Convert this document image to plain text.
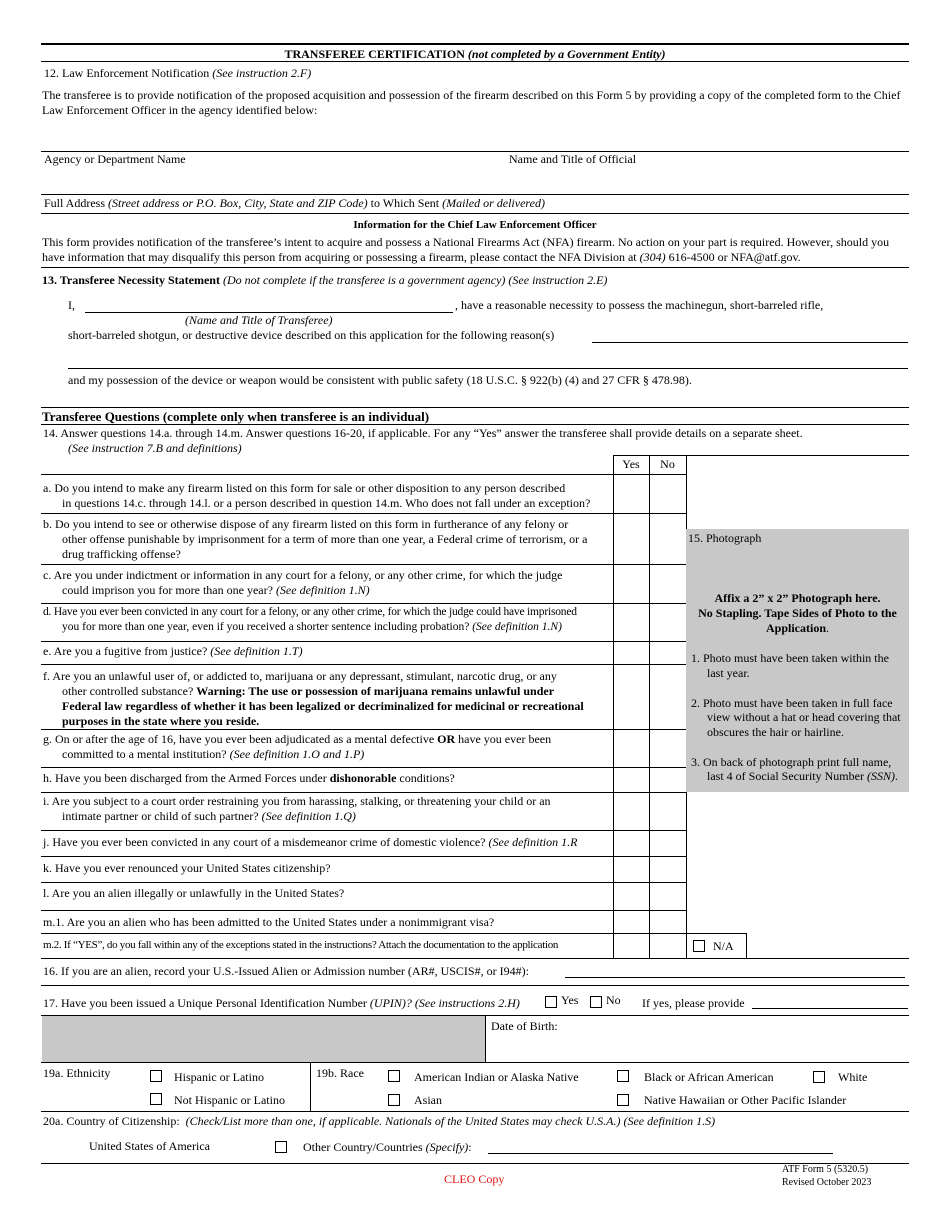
TRANSFEREE CERTIFICATION (not completed by a Government Entity)
12. Law Enforcement Notification (See instruction 2.F)
The transferee is to provide notification of the proposed acquisition and possession of the firearm described on this Form 5 by providing a copy of the completed form to the Chief Law Enforcement Officer in the agency identified below:
Agency or Department Name	Name and Title of Official
Full Address (Street address or P.O. Box, City, State and ZIP Code) to Which Sent (Mailed or delivered)
Information for the Chief Law Enforcement Officer
This form provides notification of the transferee’s intent to acquire and possess a National Firearms Act (NFA) firearm. No action on your part is required. However, should you have information that may disqualify this person from acquiring or possessing a firearm, please contact the NFA Division at (304) 616-4500 or NFA@atf.gov.
13. Transferee Necessity Statement (Do not complete if the transferee is a government agency) (See instruction 2.E)
I,	, have a reasonable necessity to possess the machinegun, short-barreled rifle,
(Name and Title of Transferee)
short-barreled shotgun, or destructive device described on this application for the following reason(s)
and my possession of the device or weapon would be consistent with public safety (18 U.S.C. § 922(b) (4) and 27 CFR § 478.98).
Transferee Questions (complete only when transferee is an individual)
14. Answer questions 14.a. through 14.m. Answer questions 16-20, if applicable. For any “Yes” answer the transferee shall provide details on a separate sheet.
(See instruction 7.B and definitions)
Yes	No
a. Do you intend to make any firearm listed on this form for sale or other disposition to any person described
in questions 14.c. through 14.l. or a person described in question 14.m. Who does not fall under an exception?
b. Do you intend to see or otherwise dispose of any firearm listed on this form in furtherance of any felony or
other offense punishable by imprisonment for a term of more than one year, a Federal crime of terrorism, or a
drug trafficking offense?
c. Are you under indictment or information in any court for a felony, or any other crime, for which the judge
could imprison you for more than one year? (See definition 1.N)
d. Have you ever been convicted in any court for a felony, or any other crime, for which the judge could have imprisoned
you for more than one year, even if you received a shorter sentence including probation? (See definition 1.N)
e. Are you a fugitive from justice? (See definition 1.T)
f. Are you an unlawful user of, or addicted to, marijuana or any depressant, stimulant, narcotic drug, or any
other controlled substance? Warning: The use or possession of marijuana remains unlawful under
Federal law regardless of whether it has been legalized or decriminalized for medicinal or recreational
purposes in the state where you reside.
g. On or after the age of 16, have you ever been adjudicated as a mental defective OR have you ever been
committed to a mental institution? (See definition 1.O and 1.P)
h. Have you been discharged from the Armed Forces under dishonorable conditions?
i. Are you subject to a court order restraining you from harassing, stalking, or threatening your child or an
intimate partner or child of such partner? (See definition 1.Q)
j. Have you ever been convicted in any court of a misdemeanor crime of domestic violence? (See definition 1.R
k. Have you ever renounced your United States citizenship?
l. Are you an alien illegally or unlawfully in the United States?
m.1. Are you an alien who has been admitted to the United States under a nonimmigrant visa?
m.2. If “YES”, do you fall within any of the exceptions stated in the instructions? Attach the documentation to the application	N/A
15. Photograph
Affix a 2” x 2” Photograph here.
No Stapling. Tape Sides of Photo to the
Application.
1. Photo must have been taken within the
last year.
2. Photo must have been taken in full face
view without a hat or head covering that
obscures the hair or hairline.
3. On back of photograph print full name,
last 4 of Social Security Number (SSN).
16. If you are an alien, record your U.S.-Issued Alien or Admission number (AR#, USCIS#, or I94#):
17. Have you been issued a Unique Personal Identification Number (UPIN)? (See instructions 2.H)	Yes No If yes, please provide
Date of Birth:
19a. Ethnicity	Hispanic or Latino
Not Hispanic or Latino
19b. Race	American Indian or Alaska Native	Black or African American	White
Asian	Native Hawaiian or Other Pacific Islander
20a. Country of Citizenship: (Check/List more than one, if applicable. Nationals of the United States may check U.S.A.) (See definition 1.S)
United States of America	Other Country/Countries (Specify):
CLEO Copy
ATF Form 5 (5320.5)
Revised October 2023
